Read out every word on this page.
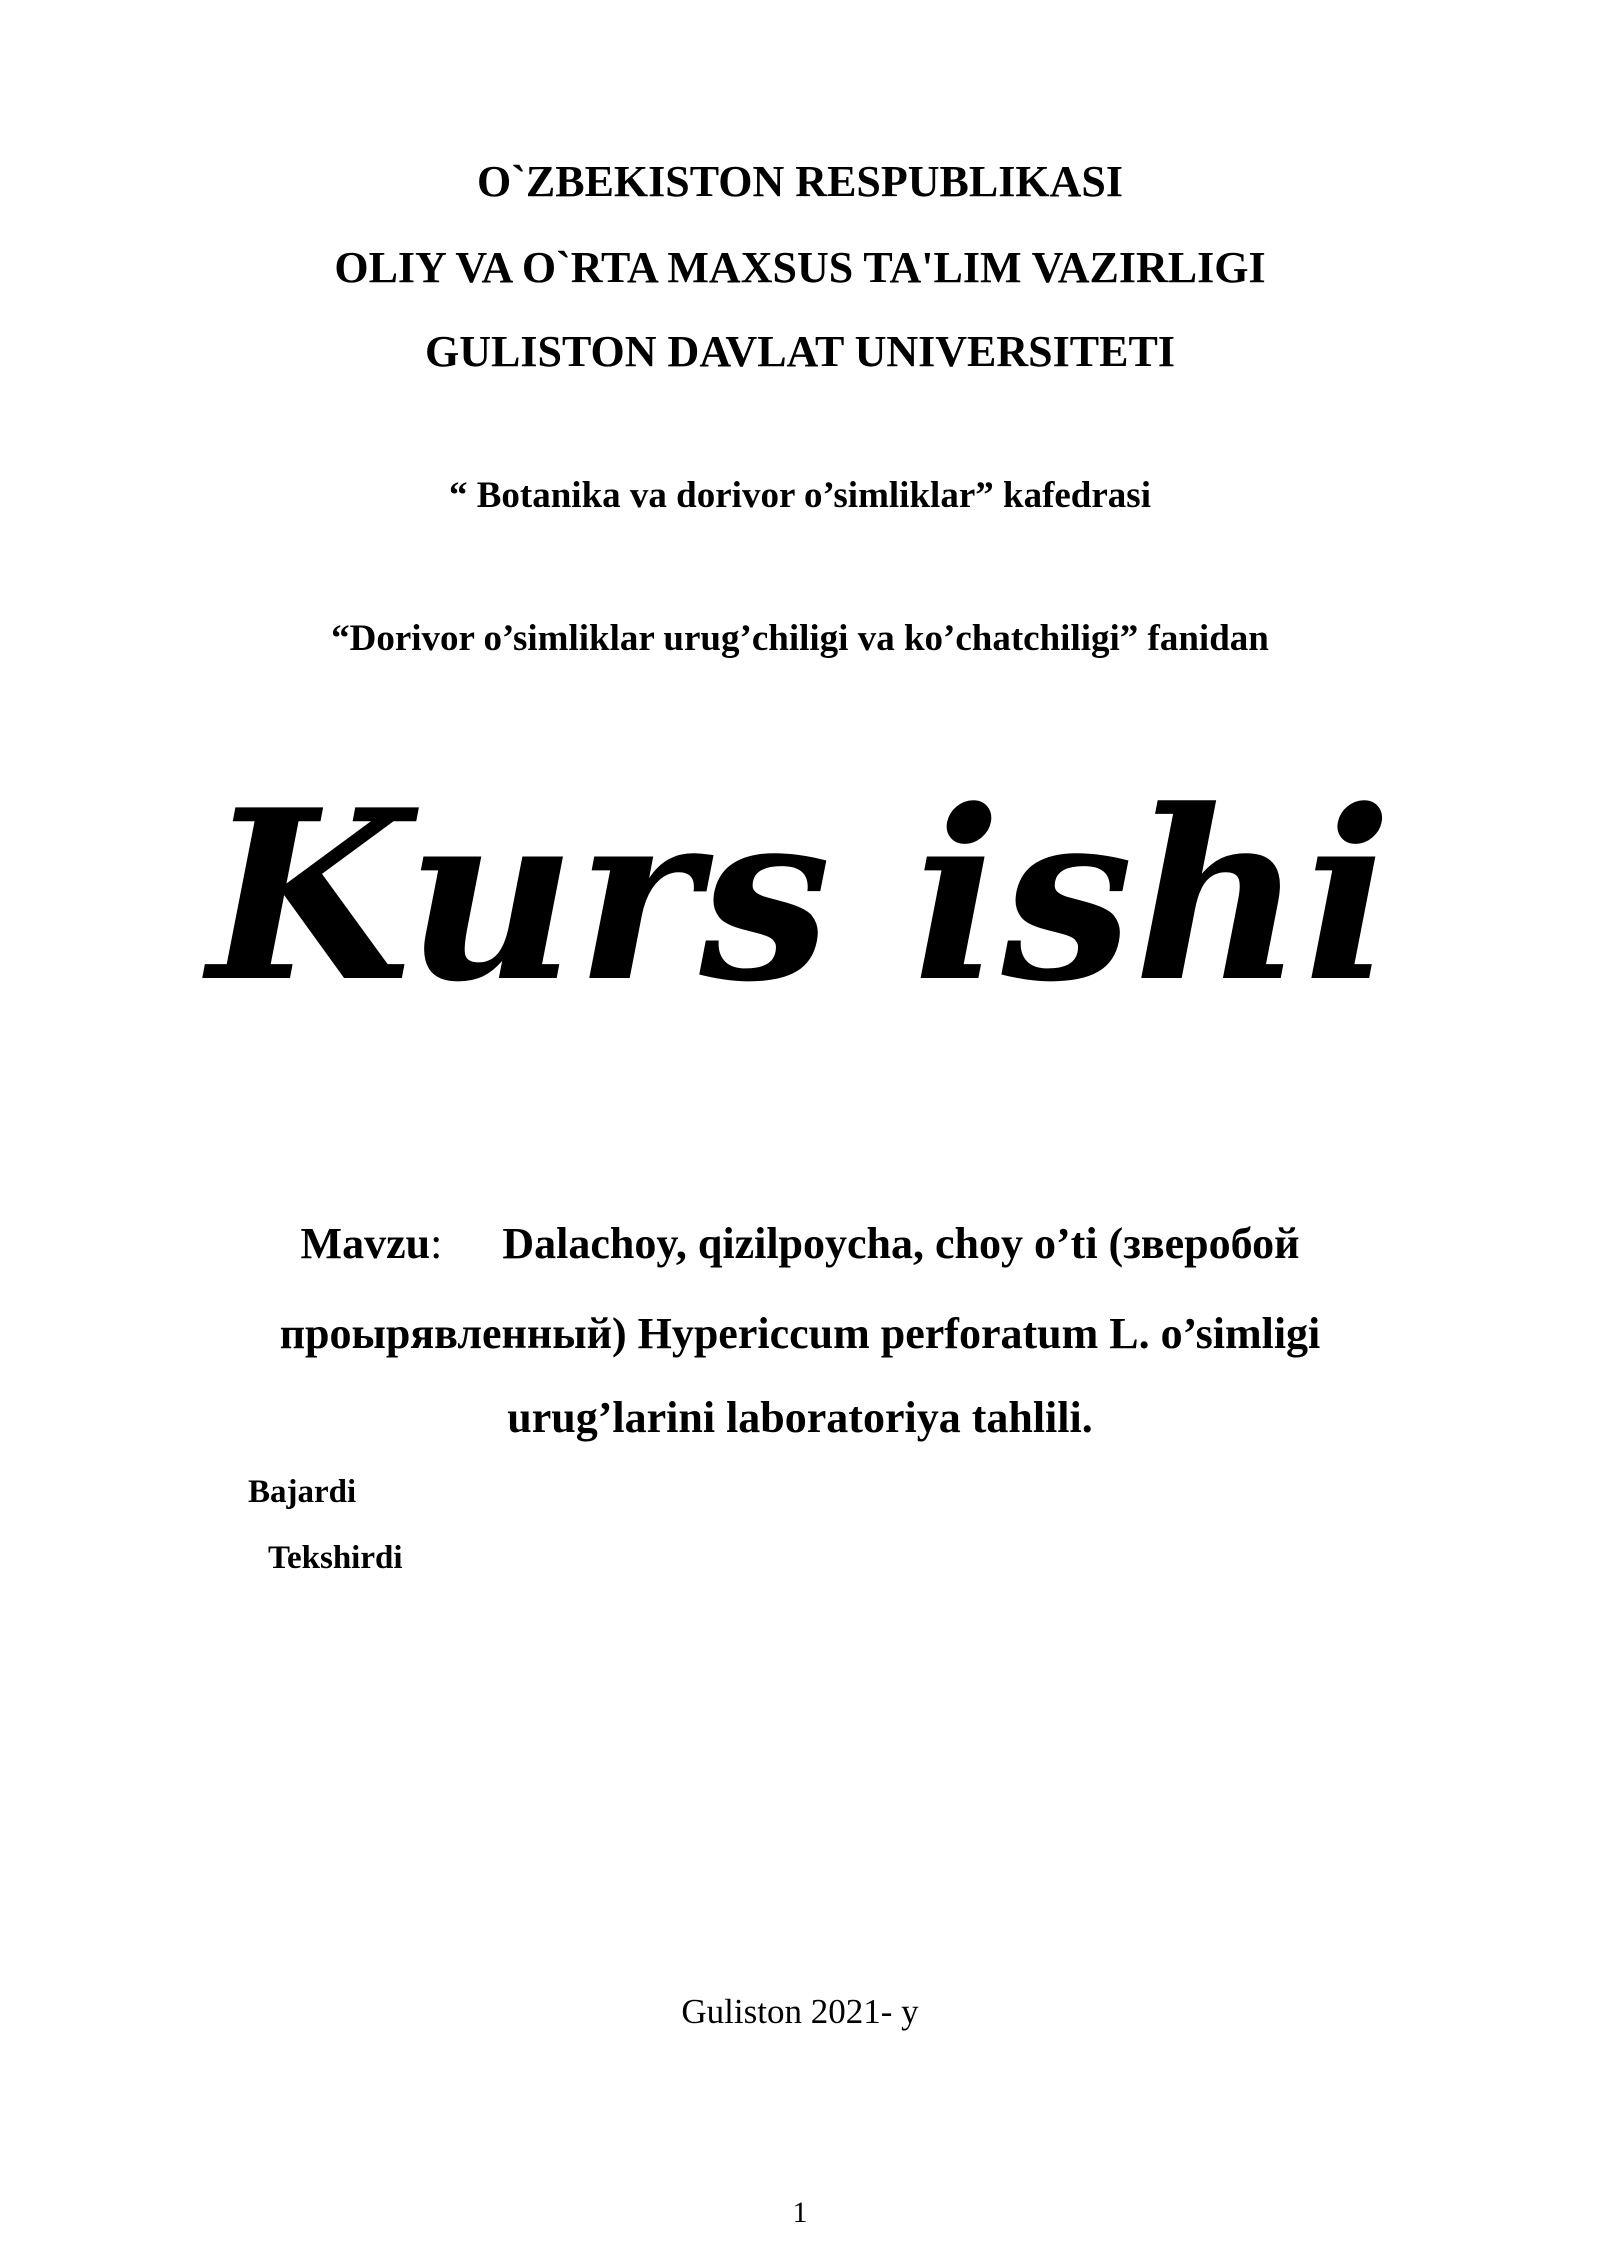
O`ZBEKISTON RESPUBLIKASI
OLIY VA O`RTA MAXSUS TA'LIM VAZIRLIGI
GULISTON DAVLAT UNIVERSITETI
“ Botanika va dorivor o’simliklar” kafedrasi
“Dorivor o’simliklar urug’chiligi va ko’chatchiligi” fanidan
Kurs ishi
Mavzu: Dalachoy, qizilpoycha, choy o’ti (зверобой
проырявленный) Hypericcum perforatum L. o’simligi
urug’larini laboratoriya tahlili.
Bajardi
Tekshirdi
Guliston 2021- y
1
